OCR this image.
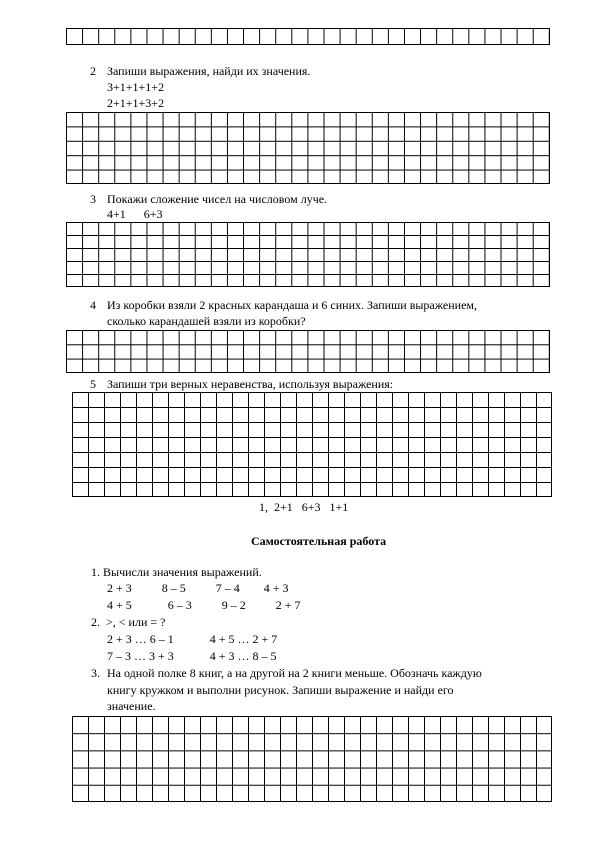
2 Запиши выражения, найди их значения.
3+1+1+1+2
2+1+1+3+2
3 Покажи сложение чисел на числовом луче.
4+1      6+3
4 Из коробки взяли 2 красных карандаша и 6 синих. Запиши выражением,
сколько карандашей взяли из коробки?
5 Запиши три верных неравенства, используя выражения:
1,  2+1   6+3   1+1
Самостоятельная работа
1. Вычисли значения выражений.
2 + 3          8 – 5          7 – 4        4 + 3
4 + 5            6 – 3          9 – 2          2 + 7
2.  >, < или = ?
2 + 3 … 6 – 1            4 + 5 … 2 + 7
7 – 3 … 3 + 3            4 + 3 … 8 – 5
3. На одной полке 8 книг, а на другой на 2 книги меньше. Обозначь каждую
книгу кружком и выполни рисунок. Запиши выражение и найди его
значение.
